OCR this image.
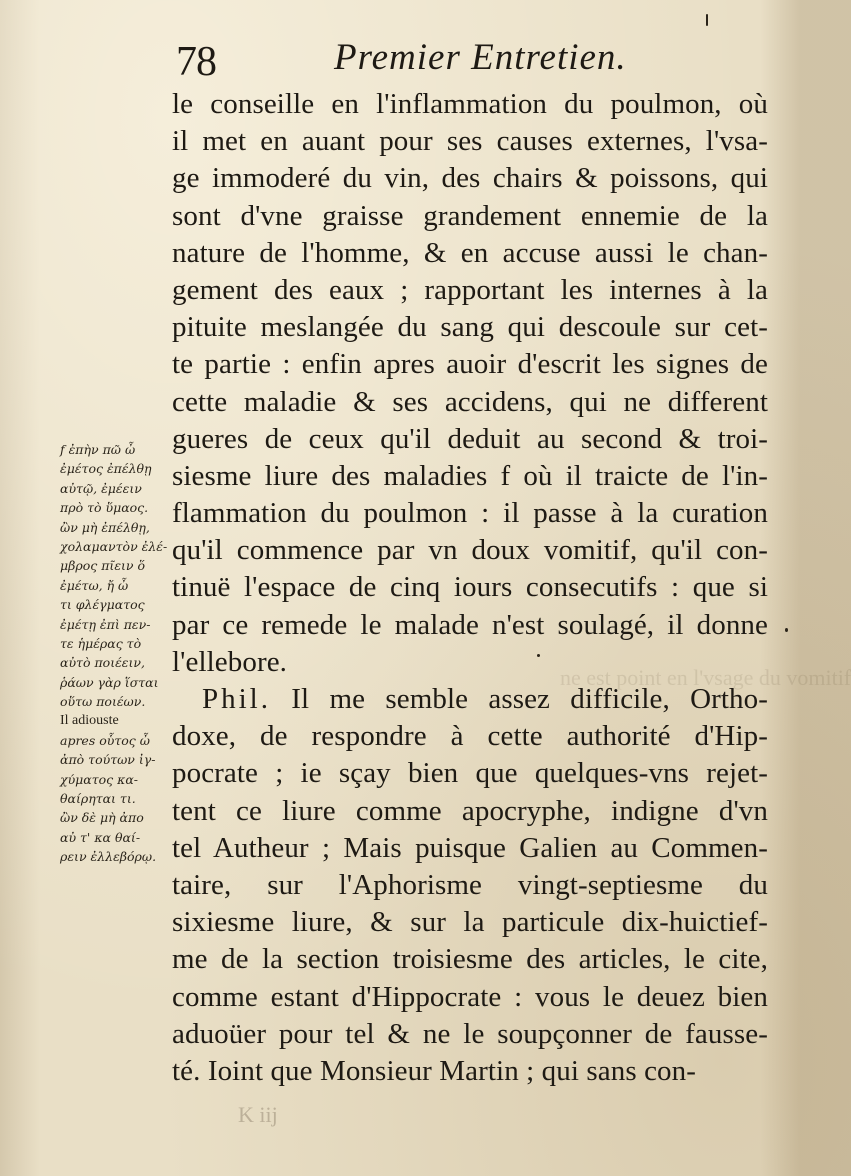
78	Premier Entretien.
ne est point en l'vsage du vomitif
le conseille en l'inflammation du poulmon, où
il met en auant pour ses causes externes, l'vsa-
ge immoderé du vin, des chairs & poissons, qui
sont d'vne graisse grandement ennemie de la
nature de l'homme, & en accuse aussi le chan-
gement des eaux ; rapportant les internes à la
pituite meslangée du sang qui descoule sur cet-
te partie : enfin apres auoir d'escrit les signes de
cette maladie & ses accidens, qui ne different
gueres de ceux qu'il deduit au second & troi-
siesme liure des maladies f où il traicte de l'in-
flammation du poulmon : il passe à la curation
qu'il commence par vn doux vomitif, qu'il con-
tinuë l'espace de cinq iours consecutifs : que si
par ce remede le malade n'est soulagé, il donne
l'ellebore.
Phil. Il me semble assez difficile, Ortho-
doxe, de respondre à cette authorité d'Hip-
pocrate ; ie sçay bien que quelques-vns rejet-
tent ce liure comme apocryphe, indigne d'vn
tel Autheur ; Mais puisque Galien au Commen-
taire, sur l'Aphorisme vingt-septiesme du
sixiesme liure, & sur la particule dix-huictief-
me de la section troisiesme des articles, le cite,
comme estant d'Hippocrate : vous le deuez bien
aduoüer pour tel & ne le soupçonner de fausse-
té. Ioint que Monsieur Martin ; qui sans con-
f ἐπὴν πῶ ὦ
ἐμέτος ἐπέλθῃ
αὐτῷ, ἐμέειν
πρὸ τὸ ὕμαος.
ὢν μὴ ἐπέλθῃ,
χολαμαντὸν ἐλέ-
μβρος πῖειν ὅ
ἐμέτω, ἤ ὦ
τι φλέγματος
ἐμέτῃ ἐπὶ πεν-
τε ἡμέρας τὸ
αὐτὸ ποιέειν,
ῥάων γὰρ ἵσται
οὕτω ποιέων.
Il adiouste
apres οὗτος ὦ
ἀπὸ τούτων ἰγ-
χύματος κα-
θαίρηται τι.
ὢν δὲ μὴ ἀπο
αὐ τ' κα θαί-
ρειν ἐλλεβόρῳ.
K iij
